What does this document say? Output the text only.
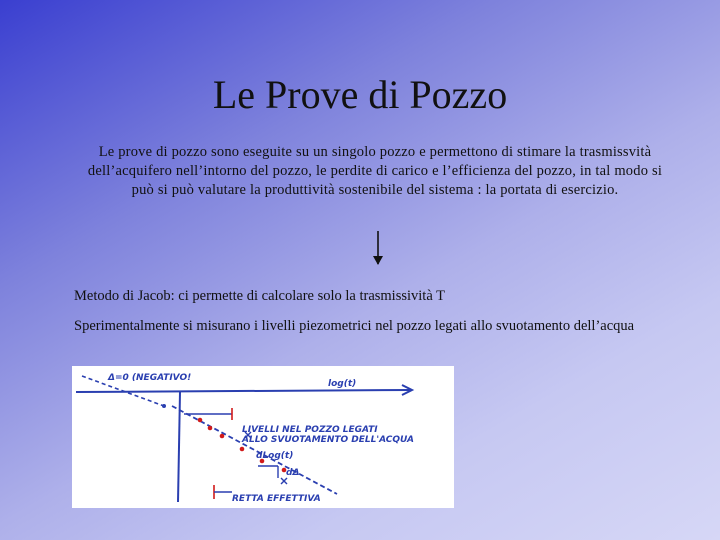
Le Prove di Pozzo
Le prove di pozzo sono eseguite su un singolo pozzo e permettono di stimare la trasmissvità dell’acquifero nell’intorno del pozzo, le perdite di carico e l’efficienza del pozzo, in tal modo si può si può valutare la produttività sostenibile del sistema : la portata di esercizio.
Metodo di Jacob: ci permette di calcolare solo la trasmissività T
Sperimentalmente si misurano i livelli piezometrici nel pozzo legati allo svuotamento dell’acqua
Δ=0 (NEGATIVO!
log(t)
LIVELLI NEL POZZO LEGATI
ALLO SVUOTAMENTO DELL'ACQUA
dLog(t)
dΔ
RETTA EFFETTIVA
